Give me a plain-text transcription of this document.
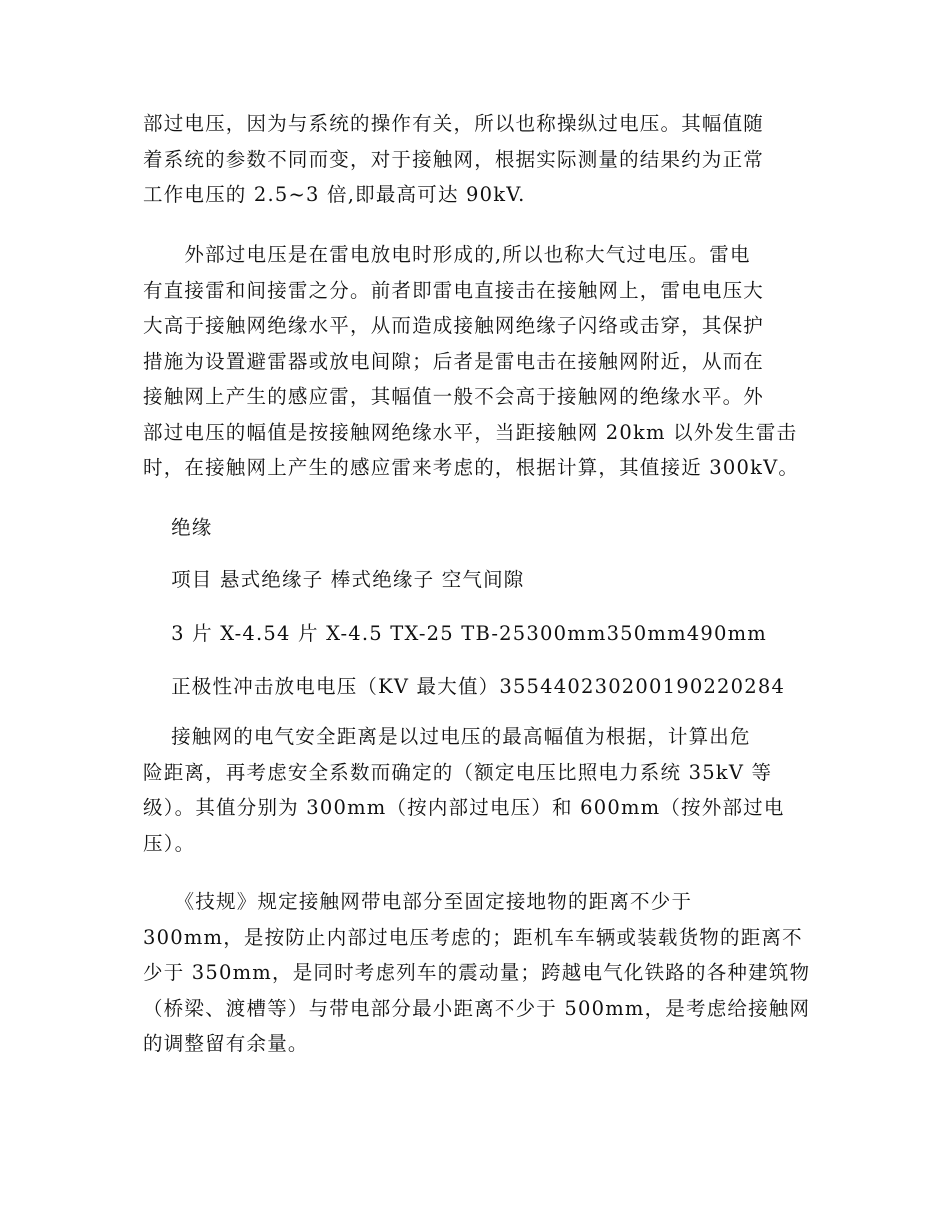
部过电压，因为与系统的操作有关，所以也称操纵过电压。其幅值随
着系统的参数不同而变，对于接触网，根据实际测量的结果约为正常
工作电压的 2.5~3 倍,即最高可达 90kV.

　　外部过电压是在雷电放电时形成的,所以也称大气过电压。雷电
有直接雷和间接雷之分。前者即雷电直接击在接触网上，雷电电压大
大高于接触网绝缘水平，从而造成接触网绝缘子闪络或击穿，其保护
措施为设置避雷器或放电间隙；后者是雷电击在接触网附近，从而在
接触网上产生的感应雷，其幅值一般不会高于接触网的绝缘水平。外
部过电压的幅值是按接触网绝缘水平，当距接触网 20km 以外发生雷击
时，在接触网上产生的感应雷来考虑的，根据计算，其值接近 300kV。

　 绝缘

　 项目 悬式绝缘子 棒式绝缘子 空气间隙

　 3 片 X-4.54 片 X-4.5 TX-25 TB-25300mm350mm490mm

　 正极性冲击放电电压（KV 最大值）355440230200190220284

　 接触网的电气安全距离是以过电压的最高幅值为根据，计算出危
险距离，再考虑安全系数而确定的（额定电压比照电力系统 35kV 等
级）。其值分别为 300mm（按内部过电压）和 600mm（按外部过电
压）。

　　《技规》规定接触网带电部分至固定接地物的距离不少于
300mm，是按防止内部过电压考虑的；距机车车辆或装载货物的距离不
少于 350mm，是同时考虑列车的震动量；跨越电气化铁路的各种建筑物
（桥梁、渡槽等）与带电部分最小距离不少于 500mm，是考虑给接触网
的调整留有余量。
